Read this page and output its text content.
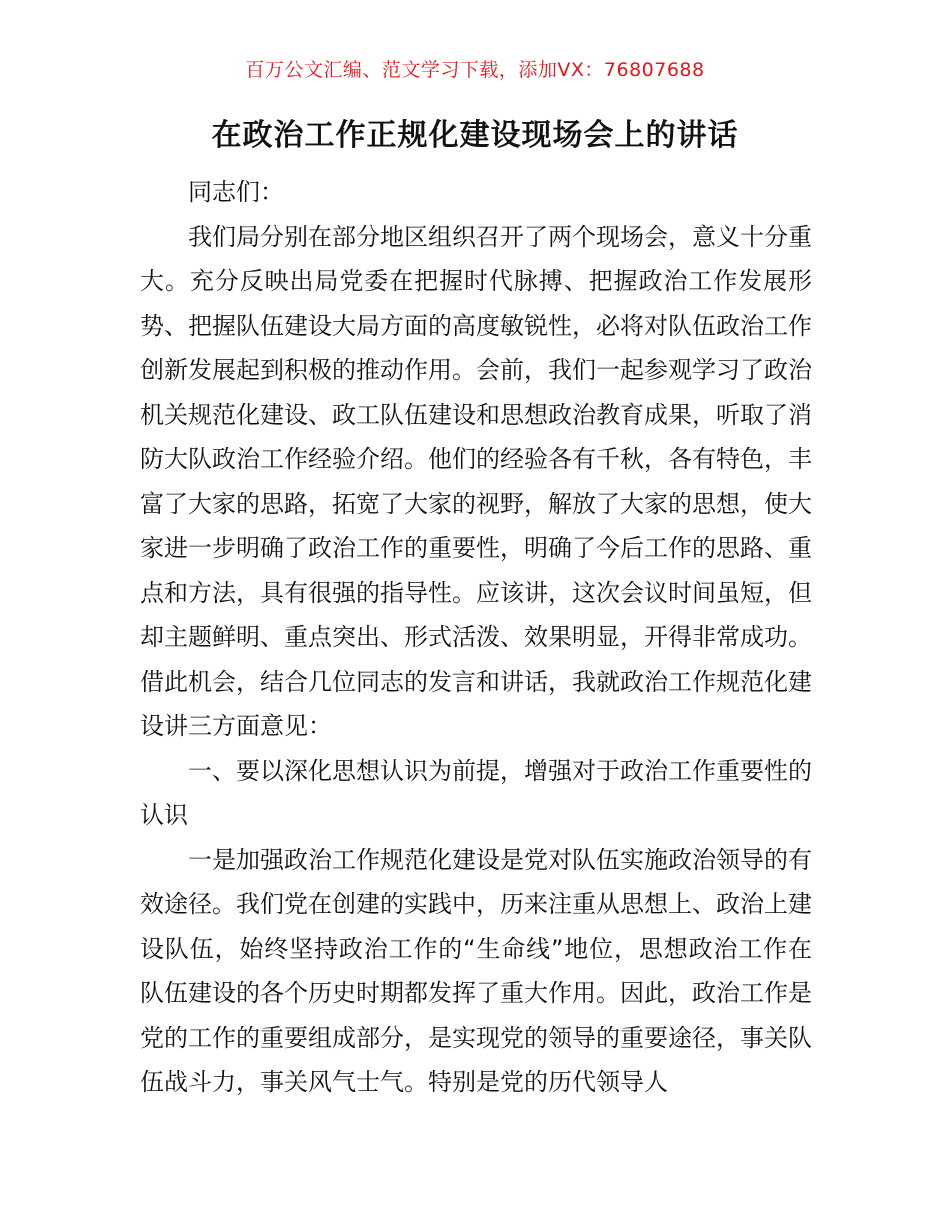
百万公文汇编、范文学习下载，添加VX：76807688
在政治工作正规化建设现场会上的讲话

同志们：

我们局分别在部分地区组织召开了两个现场会，意义十分重大。充分反映出局党委在把握时代脉搏、把握政治工作发展形势、把握队伍建设大局方面的高度敏锐性，必将对队伍政治工作创新发展起到积极的推动作用。会前，我们一起参观学习了政治机关规范化建设、政工队伍建设和思想政治教育成果，听取了消防大队政治工作经验介绍。他们的经验各有千秋，各有特色，丰富了大家的思路，拓宽了大家的视野，解放了大家的思想，使大家进一步明确了政治工作的重要性，明确了今后工作的思路、重点和方法，具有很强的指导性。应该讲，这次会议时间虽短，但却主题鲜明、重点突出、形式活泼、效果明显，开得非常成功。借此机会，结合几位同志的发言和讲话，我就政治工作规范化建设讲三方面意见：

一、要以深化思想认识为前提，增强对于政治工作重要性的认识

一是加强政治工作规范化建设是党对队伍实施政治领导的有效途径。我们党在创建的实践中，历来注重从思想上、政治上建设队伍，始终坚持政治工作的“生命线”地位，思想政治工作在队伍建设的各个历史时期都发挥了重大作用。因此，政治工作是党的工作的重要组成部分，是实现党的领导的重要途径，事关队伍战斗力，事关风气士气。特别是党的历代领导人
